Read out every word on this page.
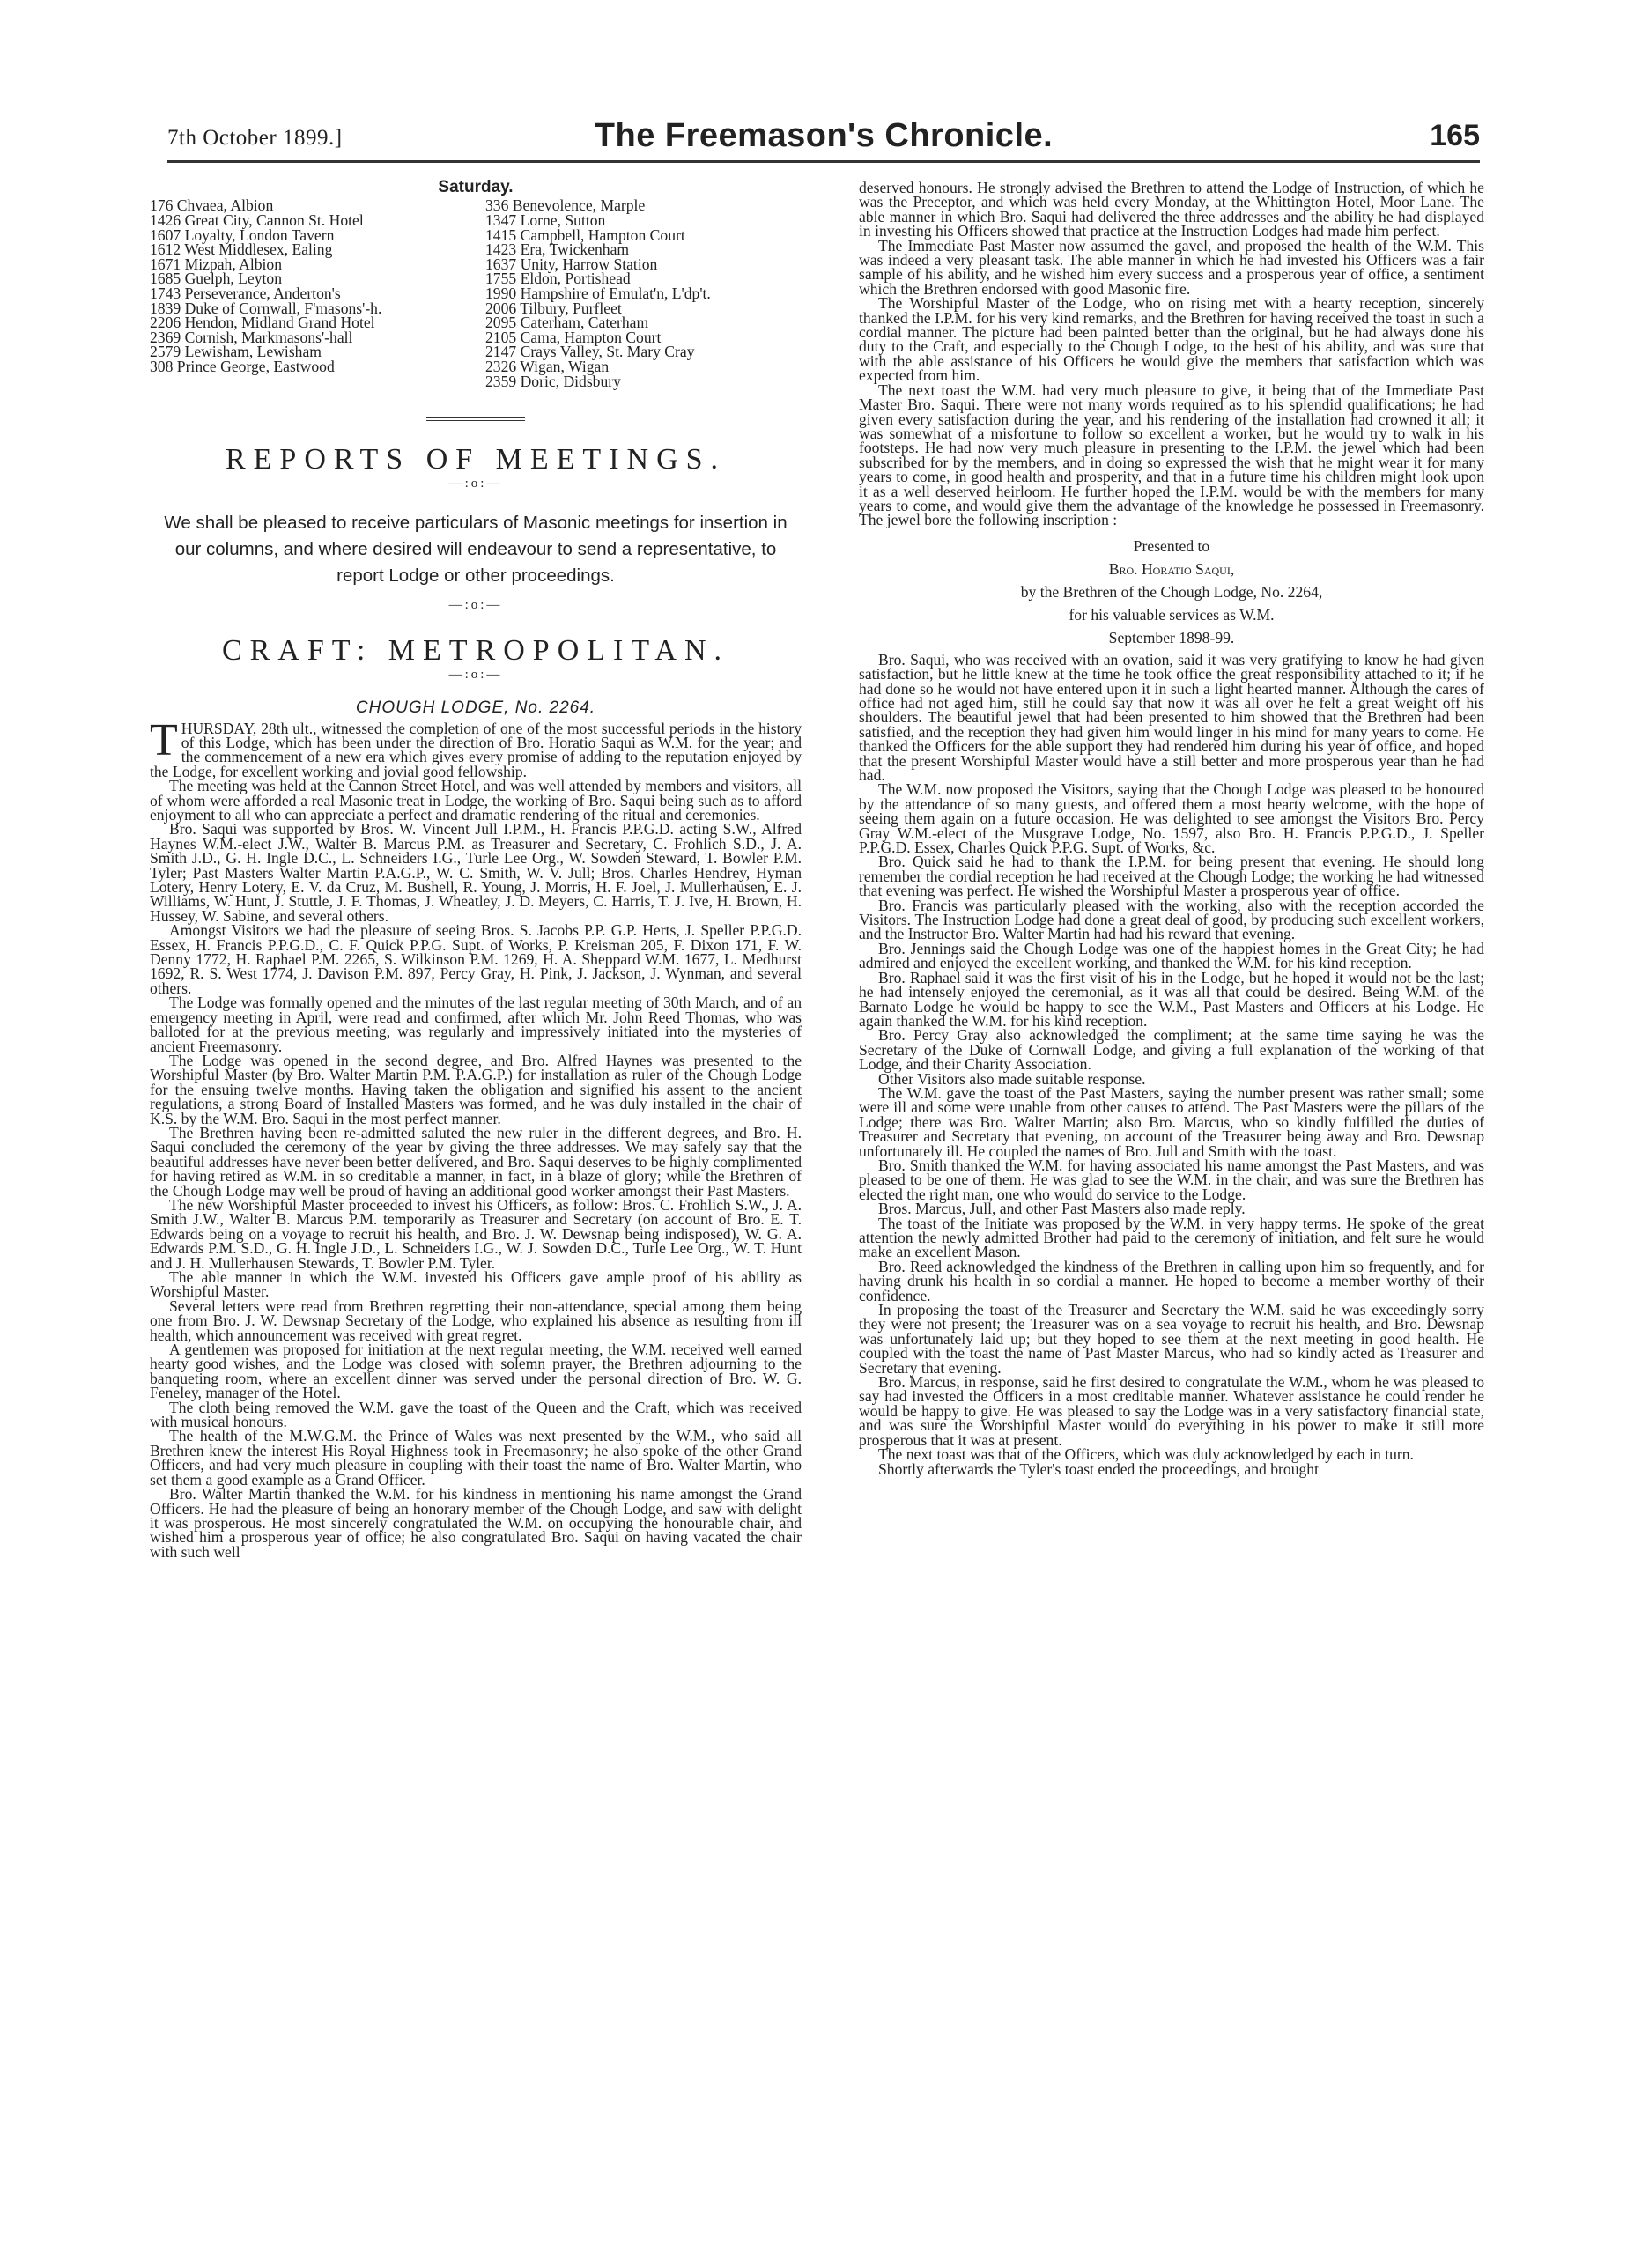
7th October 1899.]	The Freemason's Chronicle.	165
Saturday.
176 Chvaea, Albion
1426 Great City, Cannon St. Hotel
1607 Loyalty, London Tavern
1612 West Middlesex, Ealing
1671 Mizpah, Albion
1685 Guelph, Leyton
1743 Perseverance, Anderton's
1839 Duke of Cornwall, F'masons'-h.
2206 Hendon, Midland Grand Hotel
2369 Cornish, Markmasons'-hall
2579 Lewisham, Lewisham
308 Prince George, Eastwood
336 Benevolence, Marple
1347 Lorne, Sutton
1415 Campbell, Hampton Court
1423 Era, Twickenham
1637 Unity, Harrow Station
1755 Eldon, Portishead
1990 Hampshire of Emulat'n, L'dp't.
2006 Tilbury, Purfleet
2095 Caterham, Caterham
2105 Cama, Hampton Court
2147 Crays Valley, St. Mary Cray
2326 Wigan, Wigan
2359 Doric, Didsbury
REPORTS OF MEETINGS.
—:o:—
We shall be pleased to receive particulars of Masonic meetings for insertion in our columns, and where desired will endeavour to send a representative, to report Lodge or other proceedings.
—:o:—
CRAFT: METROPOLITAN.
—:o:—
CHOUGH LODGE, No. 2264.

THURSDAY, 28th ult., witnessed the completion of one of the most successful periods in the history of this Lodge, which has been under the direction of Bro. Horatio Saqui as W.M. for the year; and the commencement of a new era which gives every promise of adding to the reputation enjoyed by the Lodge, for excellent working and jovial good fellowship.

The meeting was held at the Cannon Street Hotel, and was well attended by members and visitors, all of whom were afforded a real Masonic treat in Lodge, the working of Bro. Saqui being such as to afford enjoyment to all who can appreciate a perfect and dramatic rendering of the ritual and ceremonies.

Bro. Saqui was supported by Bros. W. Vincent Jull I.P.M., H. Francis P.P.G.D. acting S.W., Alfred Haynes W.M.-elect J.W., Walter B. Marcus P.M. as Treasurer and Secretary, C. Frohlich S.D., J. A. Smith J.D., G. H. Ingle D.C., L. Schneiders I.G., Turle Lee Org., W. Sowden Steward, T. Bowler P.M. Tyler; Past Masters Walter Martin P.A.G.P., W. C. Smith, W. V. Jull; Bros. Charles Hendrey, Hyman Lotery, Henry Lotery, E. V. da Cruz, M. Bushell, R. Young, J. Morris, H. F. Joel, J. Mullerhausen, E. J. Williams, W. Hunt, J. Stuttle, J. F. Thomas, J. Wheatley, J. D. Meyers, C. Harris, T. J. Ive, H. Brown, H. Hussey, W. Sabine, and several others.

Amongst Visitors we had the pleasure of seeing Bros. S. Jacobs P.P. G.P. Herts, J. Speller P.P.G.D. Essex, H. Francis P.P.G.D., C. F. Quick P.P.G. Supt. of Works, P. Kreisman 205, F. Dixon 171, F. W. Denny 1772, H. Raphael P.M. 2265, S. Wilkinson P.M. 1269, H. A. Sheppard W.M. 1677, L. Medhurst 1692, R. S. West 1774, J. Davison P.M. 897, Percy Gray, H. Pink, J. Jackson, J. Wynman, and several others.

The Lodge was formally opened and the minutes of the last regular meeting of 30th March, and of an emergency meeting in April, were read and confirmed, after which Mr. John Reed Thomas, who was balloted for at the previous meeting, was regularly and impressively initiated into the mysteries of ancient Freemasonry.

The Lodge was opened in the second degree, and Bro. Alfred Haynes was presented to the Worshipful Master (by Bro. Walter Martin P.M. P.A.G.P.) for installation as ruler of the Chough Lodge for the ensuing twelve months. Having taken the obligation and signified his assent to the ancient regulations, a strong Board of Installed Masters was formed, and he was duly installed in the chair of K.S. by the W.M. Bro. Saqui in the most perfect manner.

The Brethren having been re-admitted saluted the new ruler in the different degrees, and Bro. H. Saqui concluded the ceremony of the year by giving the three addresses. We may safely say that the beautiful addresses have never been better delivered, and Bro. Saqui deserves to be highly complimented for having retired as W.M. in so creditable a manner, in fact, in a blaze of glory; while the Brethren of the Chough Lodge may well be proud of having an additional good worker amongst their Past Masters.

The new Worshipful Master proceeded to invest his Officers, as follow: Bros. C. Frohlich S.W., J. A. Smith J.W., Walter B. Marcus P.M. temporarily as Treasurer and Secretary (on account of Bro. E. T. Edwards being on a voyage to recruit his health, and Bro. J. W. Dewsnap being indisposed), W. G. A. Edwards P.M. S.D., G. H. Ingle J.D., L. Schneiders I.G., W. J. Sowden D.C., Turle Lee Org., W. T. Hunt and J. H. Mullerhausen Stewards, T. Bowler P.M. Tyler.

The able manner in which the W.M. invested his Officers gave ample proof of his ability as Worshipful Master.

Several letters were read from Brethren regretting their non-attendance, special among them being one from Bro. J. W. Dewsnap Secretary of the Lodge, who explained his absence as resulting from ill health, which announcement was received with great regret.

A gentlemen was proposed for initiation at the next regular meeting, the W.M. received well earned hearty good wishes, and the Lodge was closed with solemn prayer, the Brethren adjourning to the banqueting room, where an excellent dinner was served under the personal direction of Bro. W. G. Feneley, manager of the Hotel.

The cloth being removed the W.M. gave the toast of the Queen and the Craft, which was received with musical honours.

The health of the M.W.G.M. the Prince of Wales was next presented by the W.M., who said all Brethren knew the interest His Royal Highness took in Freemasonry; he also spoke of the other Grand Officers, and had very much pleasure in coupling with their toast the name of Bro. Walter Martin, who set them a good example as a Grand Officer.

Bro. Walter Martin thanked the W.M. for his kindness in mentioning his name amongst the Grand Officers. He had the pleasure of being an honorary member of the Chough Lodge, and saw with delight it was prosperous. He most sincerely congratulated the W.M. on occupying the honourable chair, and wished him a prosperous year of office; he also congratulated Bro. Saqui on having vacated the chair with such well

deserved honours. He strongly advised the Brethren to attend the Lodge of Instruction, of which he was the Preceptor, and which was held every Monday, at the Whittington Hotel, Moor Lane. The able manner in which Bro. Saqui had delivered the three addresses and the ability he had displayed in investing his Officers showed that practice at the Instruction Lodges had made him perfect.

The Immediate Past Master now assumed the gavel, and proposed the health of the W.M. This was indeed a very pleasant task. The able manner in which he had invested his Officers was a fair sample of his ability, and he wished him every success and a prosperous year of office, a sentiment which the Brethren endorsed with good Masonic fire.

The Worshipful Master of the Lodge, who on rising met with a hearty reception, sincerely thanked the I.P.M. for his very kind remarks, and the Brethren for having received the toast in such a cordial manner. The picture had been painted better than the original, but he had always done his duty to the Craft, and especially to the Chough Lodge, to the best of his ability, and was sure that with the able assistance of his Officers he would give the members that satisfaction which was expected from him.

The next toast the W.M. had very much pleasure to give, it being that of the Immediate Past Master Bro. Saqui. There were not many words required as to his splendid qualifications; he had given every satisfaction during the year, and his rendering of the installation had crowned it all; it was somewhat of a misfortune to follow so excellent a worker, but he would try to walk in his footsteps. He had now very much pleasure in presenting to the I.P.M. the jewel which had been subscribed for by the members, and in doing so expressed the wish that he might wear it for many years to come, in good health and prosperity, and that in a future time his children might look upon it as a well deserved heirloom. He further hoped the I.P.M. would be with the members for many years to come, and would give them the advantage of the knowledge he possessed in Freemasonry. The jewel bore the following inscription :—

Presented to
Bro. Horatio Saqui,
by the Brethren of the Chough Lodge, No. 2264,
for his valuable services as W.M.
September 1898-99.

Bro. Saqui, who was received with an ovation, said it was very gratifying to know he had given satisfaction, but he little knew at the time he took office the great responsibility attached to it; if he had done so he would not have entered upon it in such a light hearted manner. Although the cares of office had not aged him, still he could say that now it was all over he felt a great weight off his shoulders. The beautiful jewel that had been presented to him showed that the Brethren had been satisfied, and the reception they had given him would linger in his mind for many years to come. He thanked the Officers for the able support they had rendered him during his year of office, and hoped that the present Worshipful Master would have a still better and more prosperous year than he had had.

The W.M. now proposed the Visitors, saying that the Chough Lodge was pleased to be honoured by the attendance of so many guests, and offered them a most hearty welcome, with the hope of seeing them again on a future occasion. He was delighted to see amongst the Visitors Bro. Percy Gray W.M.-elect of the Musgrave Lodge, No. 1597, also Bro. H. Francis P.P.G.D., J. Speller P.P.G.D. Essex, Charles Quick P.P.G. Supt. of Works, &c.

Bro. Quick said he had to thank the I.P.M. for being present that evening. He should long remember the cordial reception he had received at the Chough Lodge; the working he had witnessed that evening was perfect. He wished the Worshipful Master a prosperous year of office.

Bro. Francis was particularly pleased with the working, also with the reception accorded the Visitors. The Instruction Lodge had done a great deal of good, by producing such excellent workers, and the Instructor Bro. Walter Martin had had his reward that evening.

Bro. Jennings said the Chough Lodge was one of the happiest homes in the Great City; he had admired and enjoyed the excellent working, and thanked the W.M. for his kind reception.

Bro. Raphael said it was the first visit of his in the Lodge, but he hoped it would not be the last; he had intensely enjoyed the ceremonial, as it was all that could be desired. Being W.M. of the Barnato Lodge he would be happy to see the W.M., Past Masters and Officers at his Lodge. He again thanked the W.M. for his kind reception.

Bro. Percy Gray also acknowledged the compliment; at the same time saying he was the Secretary of the Duke of Cornwall Lodge, and giving a full explanation of the working of that Lodge, and their Charity Association.

Other Visitors also made suitable response.

The W.M. gave the toast of the Past Masters, saying the number present was rather small; some were ill and some were unable from other causes to attend. The Past Masters were the pillars of the Lodge; there was Bro. Walter Martin; also Bro. Marcus, who so kindly fulfilled the duties of Treasurer and Secretary that evening, on account of the Treasurer being away and Bro. Dewsnap unfortunately ill. He coupled the names of Bro. Jull and Smith with the toast.

Bro. Smith thanked the W.M. for having associated his name amongst the Past Masters, and was pleased to be one of them. He was glad to see the W.M. in the chair, and was sure the Brethren has elected the right man, one who would do service to the Lodge.

Bros. Marcus, Jull, and other Past Masters also made reply.

The toast of the Initiate was proposed by the W.M. in very happy terms. He spoke of the great attention the newly admitted Brother had paid to the ceremony of initiation, and felt sure he would make an excellent Mason.

Bro. Reed acknowledged the kindness of the Brethren in calling upon him so frequently, and for having drunk his health in so cordial a manner. He hoped to become a member worthy of their confidence.

In proposing the toast of the Treasurer and Secretary the W.M. said he was exceedingly sorry they were not present; the Treasurer was on a sea voyage to recruit his health, and Bro. Dewsnap was unfortunately laid up; but they hoped to see them at the next meeting in good health. He coupled with the toast the name of Past Master Marcus, who had so kindly acted as Treasurer and Secretary that evening.

Bro. Marcus, in response, said he first desired to congratulate the W.M., whom he was pleased to say had invested the Officers in a most creditable manner. Whatever assistance he could render he would be happy to give. He was pleased to say the Lodge was in a very satisfactory financial state, and was sure the Worshipful Master would do everything in his power to make it still more prosperous that it was at present.

The next toast was that of the Officers, which was duly acknowledged by each in turn.

Shortly afterwards the Tyler's toast ended the proceedings, and brought
